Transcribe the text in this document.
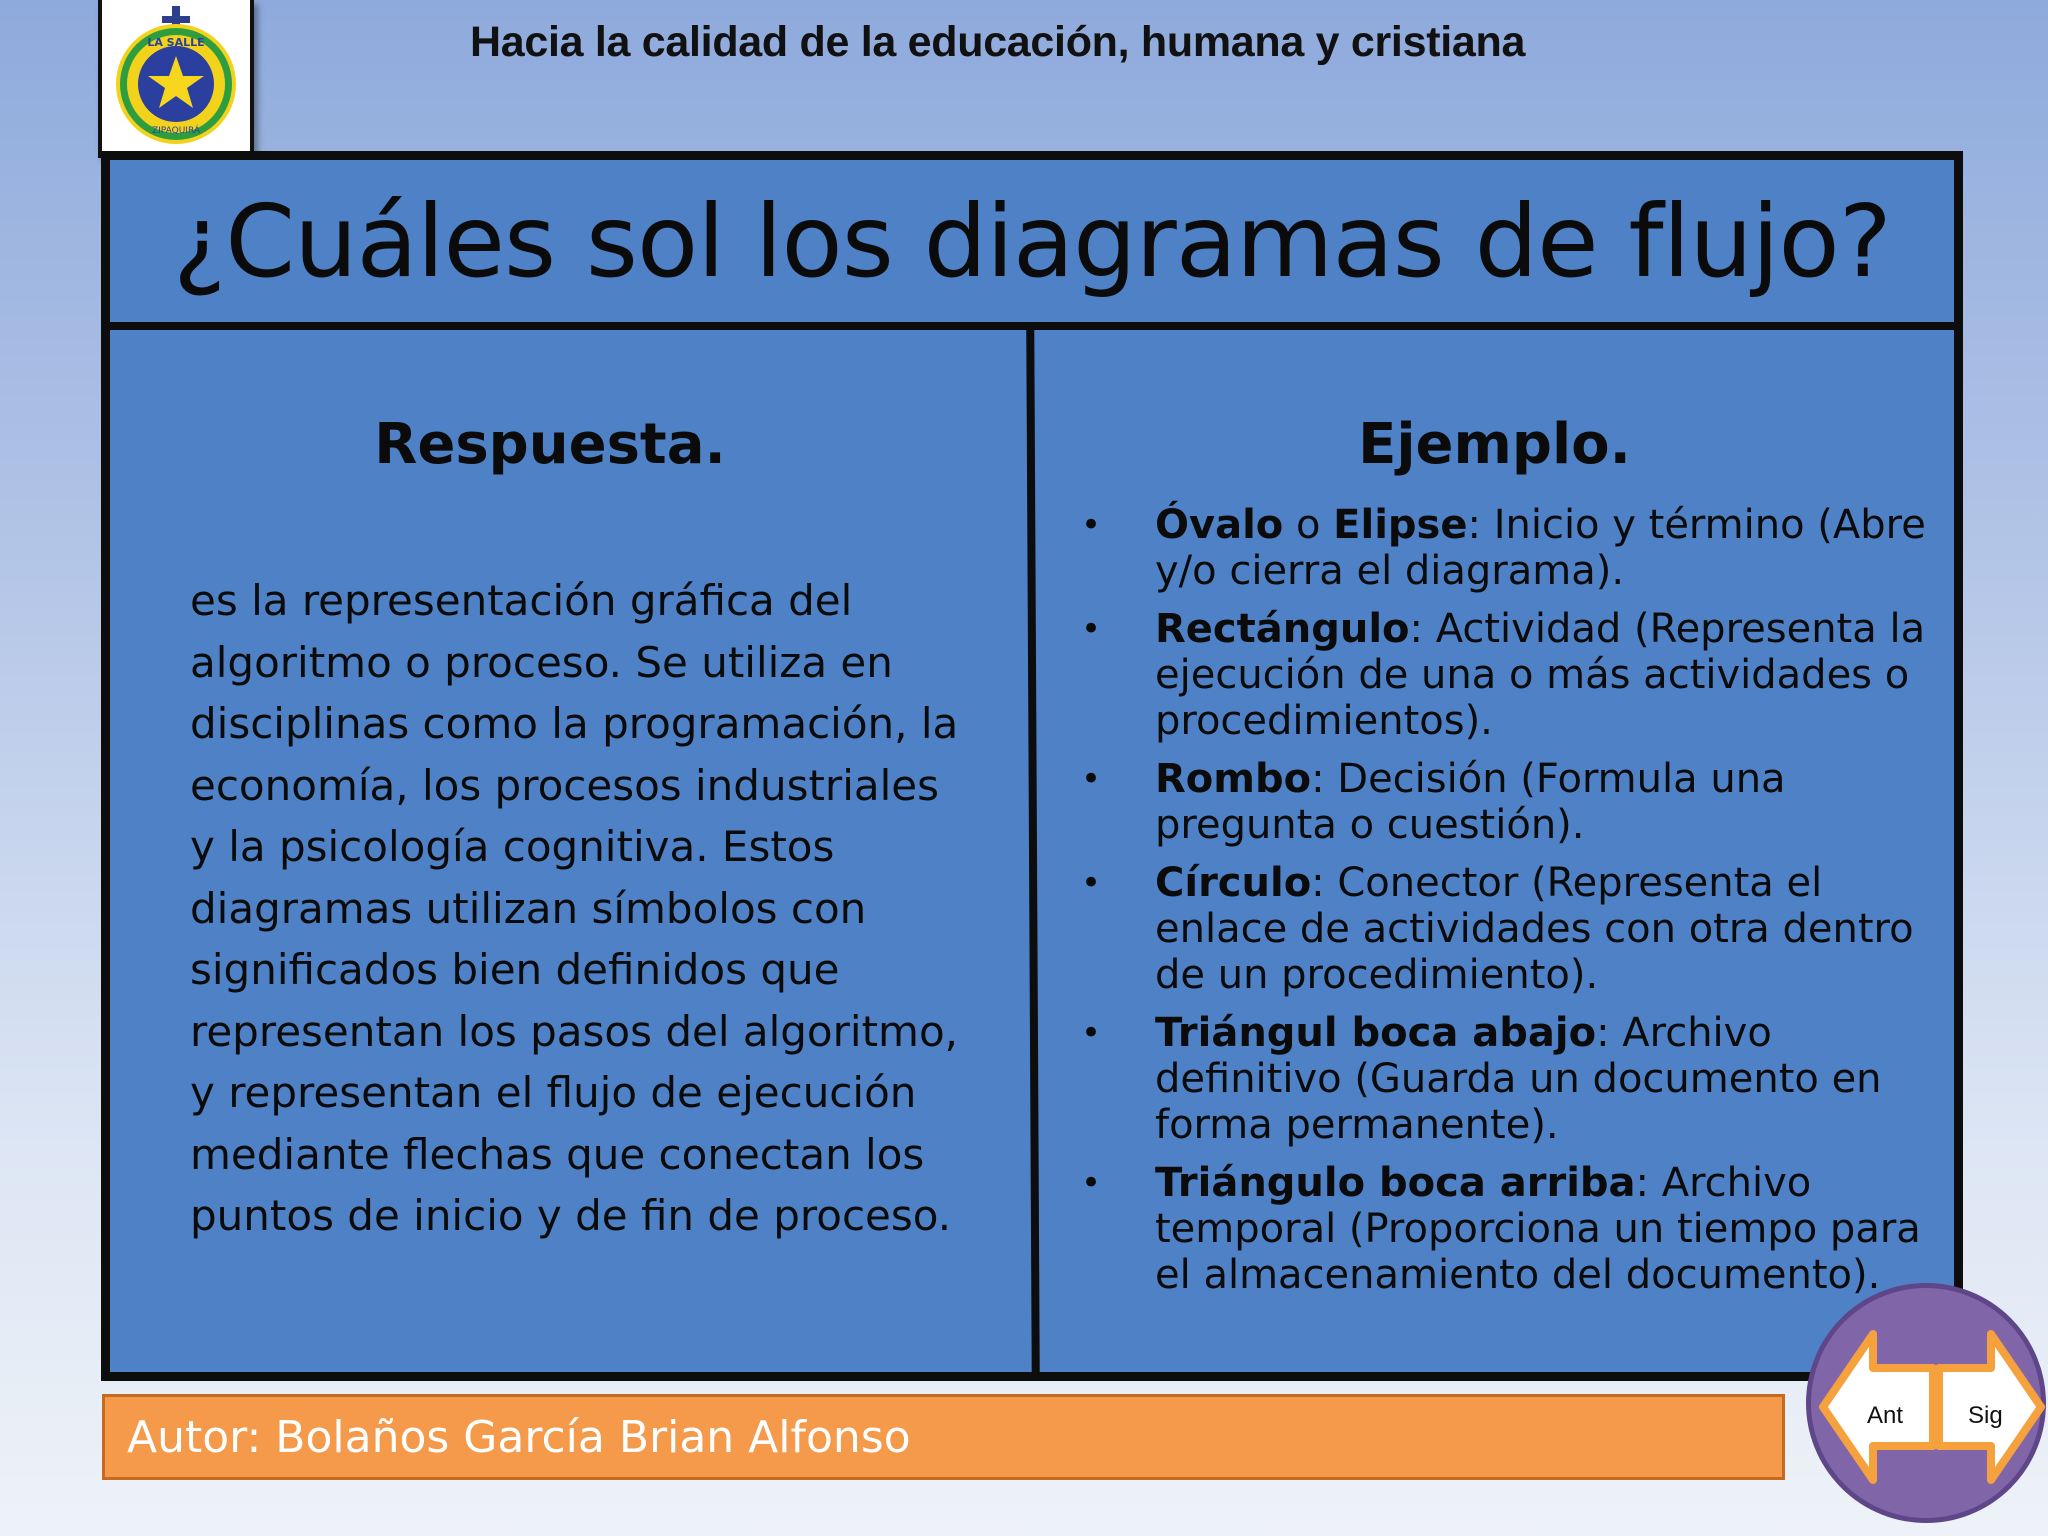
LA SALLE
ZIPAQUIRÁ
Hacia la calidad de la educación, humana y cristiana
¿Cuáles sol los diagramas de flujo?
Respuesta.
es la representación gráfica del algoritmo o proceso. Se utiliza en disciplinas como la programación, la economía, los procesos industriales y la psicología cognitiva. Estos diagramas utilizan símbolos con significados bien definidos que representan los pasos del algoritmo, y representan el flujo de ejecución mediante flechas que conectan los puntos de inicio y de fin de proceso.
Ejemplo.
• Óvalo o Elipse: Inicio y término (Abre y/o cierra el diagrama).
• Rectángulo: Actividad (Representa la ejecución de una o más actividades o procedimientos).
• Rombo: Decisión (Formula una pregunta o cuestión).
• Círculo: Conector (Representa el enlace de actividades con otra dentro de un procedimiento).
• Triángul boca abajo: Archivo definitivo (Guarda un documento en forma permanente).
• Triángulo boca arriba: Archivo temporal (Proporciona un tiempo para el almacenamiento del documento).
Autor: Bolaños García Brian Alfonso	Ant	Sig
